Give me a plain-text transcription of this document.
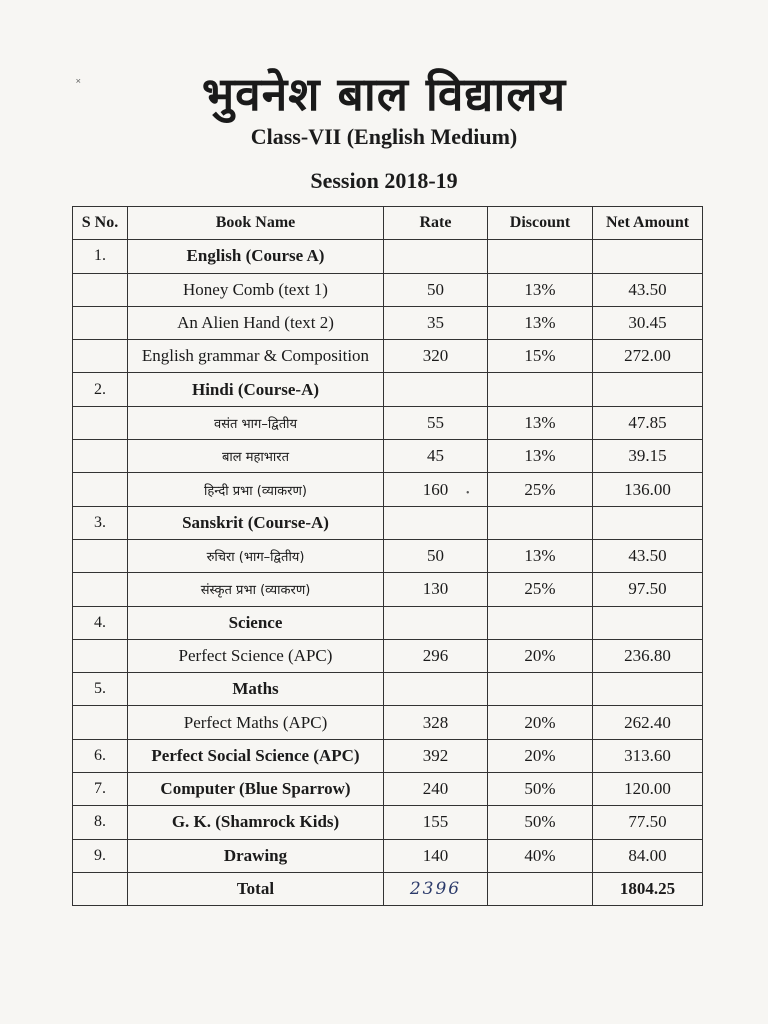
भुवनेश बाल विद्यालय
Class-VII (English Medium)
Session 2018-19
S No.	Book Name	Rate	Discount	Net Amount
1.	English (Course A)			
	Honey Comb (text 1)	50	13%	43.50
	An Alien Hand (text 2)	35	13%	30.45
	English grammar & Composition	320	15%	272.00
2.	Hindi (Course-A)			
	वसंत भाग–द्वितीय	55	13%	47.85
	बाल महाभारत	45	13%	39.15
	हिन्दी प्रभा (व्याकरण)	160	25%	136.00
3.	Sanskrit (Course-A)			
	रुचिरा (भाग–द्वितीय)	50	13%	43.50
	संस्कृत प्रभा (व्याकरण)	130	25%	97.50
4.	Science			
	Perfect Science (APC)	296	20%	236.80
5.	Maths			
	Perfect Maths (APC)	328	20%	262.40
6.	Perfect Social Science (APC)	392	20%	313.60
7.	Computer (Blue Sparrow)	240	50%	120.00
8.	G. K. (Shamrock Kids)	155	50%	77.50
9.	Drawing	140	40%	84.00
	Total	2396		1804.25
˟
•
